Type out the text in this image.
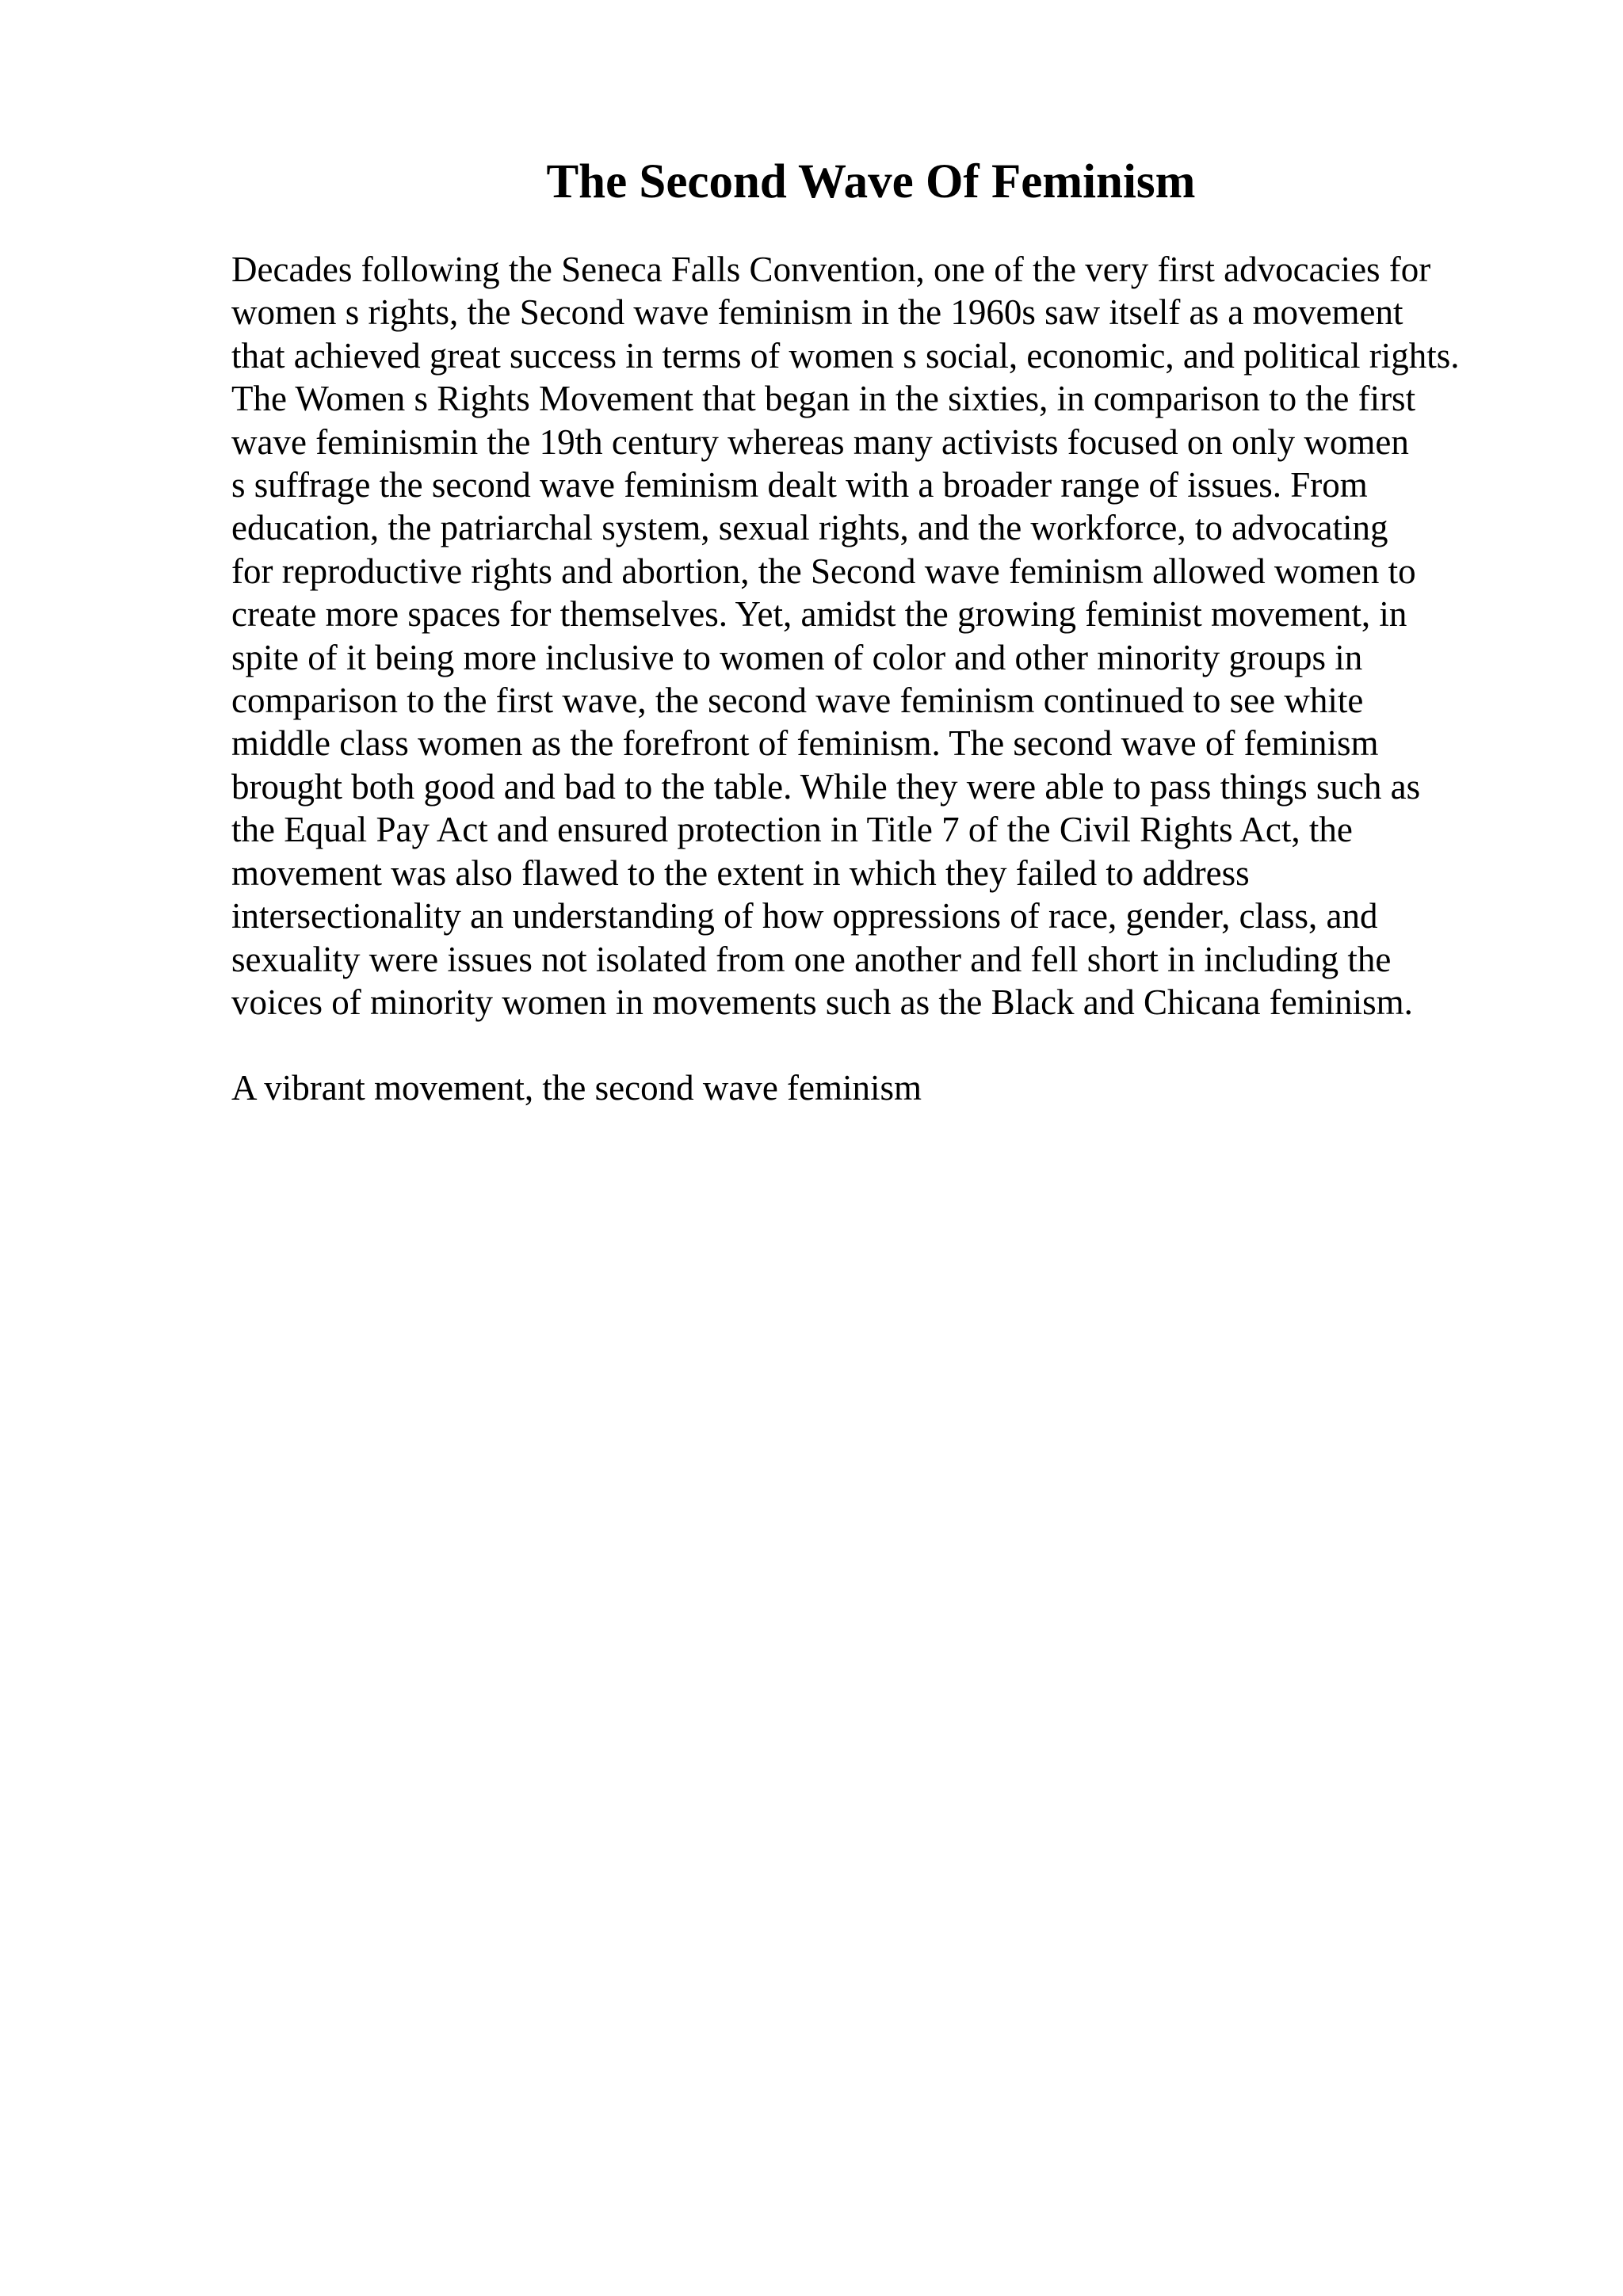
The Second Wave Of Feminism
Decades following the Seneca Falls Convention, one of the very first advocacies for
women s rights, the Second wave feminism in the 1960s saw itself as a movement
that achieved great success in terms of women s social, economic, and political rights.
The Women s Rights Movement that began in the sixties, in comparison to the first
wave feminismin the 19th century whereas many activists focused on only women
s suffrage the second wave feminism dealt with a broader range of issues. From
education, the patriarchal system, sexual rights, and the workforce, to advocating
for reproductive rights and abortion, the Second wave feminism allowed women to
create more spaces for themselves. Yet, amidst the growing feminist movement, in
spite of it being more inclusive to women of color and other minority groups in
comparison to the first wave, the second wave feminism continued to see white
middle class women as the forefront of feminism. The second wave of feminism
brought both good and bad to the table. While they were able to pass things such as
the Equal Pay Act and ensured protection in Title 7 of the Civil Rights Act, the
movement was also flawed to the extent in which they failed to address
intersectionality an understanding of how oppressions of race, gender, class, and
sexuality were issues not isolated from one another and fell short in including the
voices of minority women in movements such as the Black and Chicana feminism.
A vibrant movement, the second wave feminism
